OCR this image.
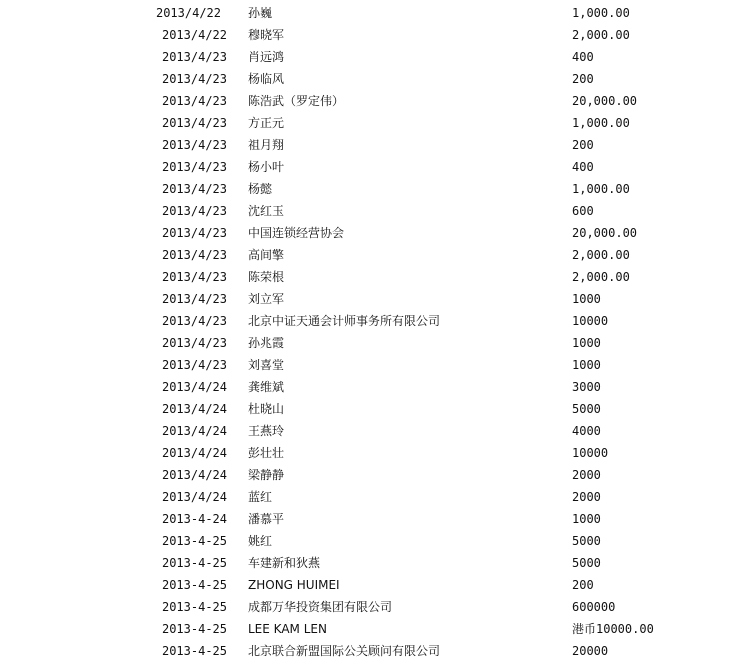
2013/4/22 孙巍	1,000.00
2013/4/22 穆晓军	2,000.00
2013/4/23 肖远鸿	400
2013/4/23 杨临风	200
2013/4/23 陈浩武（罗定伟）	20,000.00
2013/4/23 方正元	1,000.00
2013/4/23 祖月翔	200
2013/4/23 杨小叶	400
2013/4/23 杨懿	1,000.00
2013/4/23 沈红玉	600
2013/4/23 中国连锁经营协会	20,000.00
2013/4/23 高间擎	2,000.00
2013/4/23 陈荣根	2,000.00
2013/4/23 刘立军	1000
2013/4/23 北京中证天通会计师事务所有限公司	10000
2013/4/23 孙兆霞	1000
2013/4/23 刘喜堂	1000
2013/4/24 龚维斌	3000
2013/4/24 杜晓山	5000
2013/4/24 王燕玲	4000
2013/4/24 彭壮壮	10000
2013/4/24 梁静静	2000
2013/4/24 蓝红	2000
2013-4-24 潘慕平	1000
2013-4-25 姚红	5000
2013-4-25 车建新和狄燕	5000
2013-4-25 ZHONG HUIMEI	200
2013-4-25 成都万华投资集团有限公司	600000
2013-4-25 LEE KAM LEN	港币10000.00
2013-4-25 北京联合新盟国际公关顾问有限公司	20000
